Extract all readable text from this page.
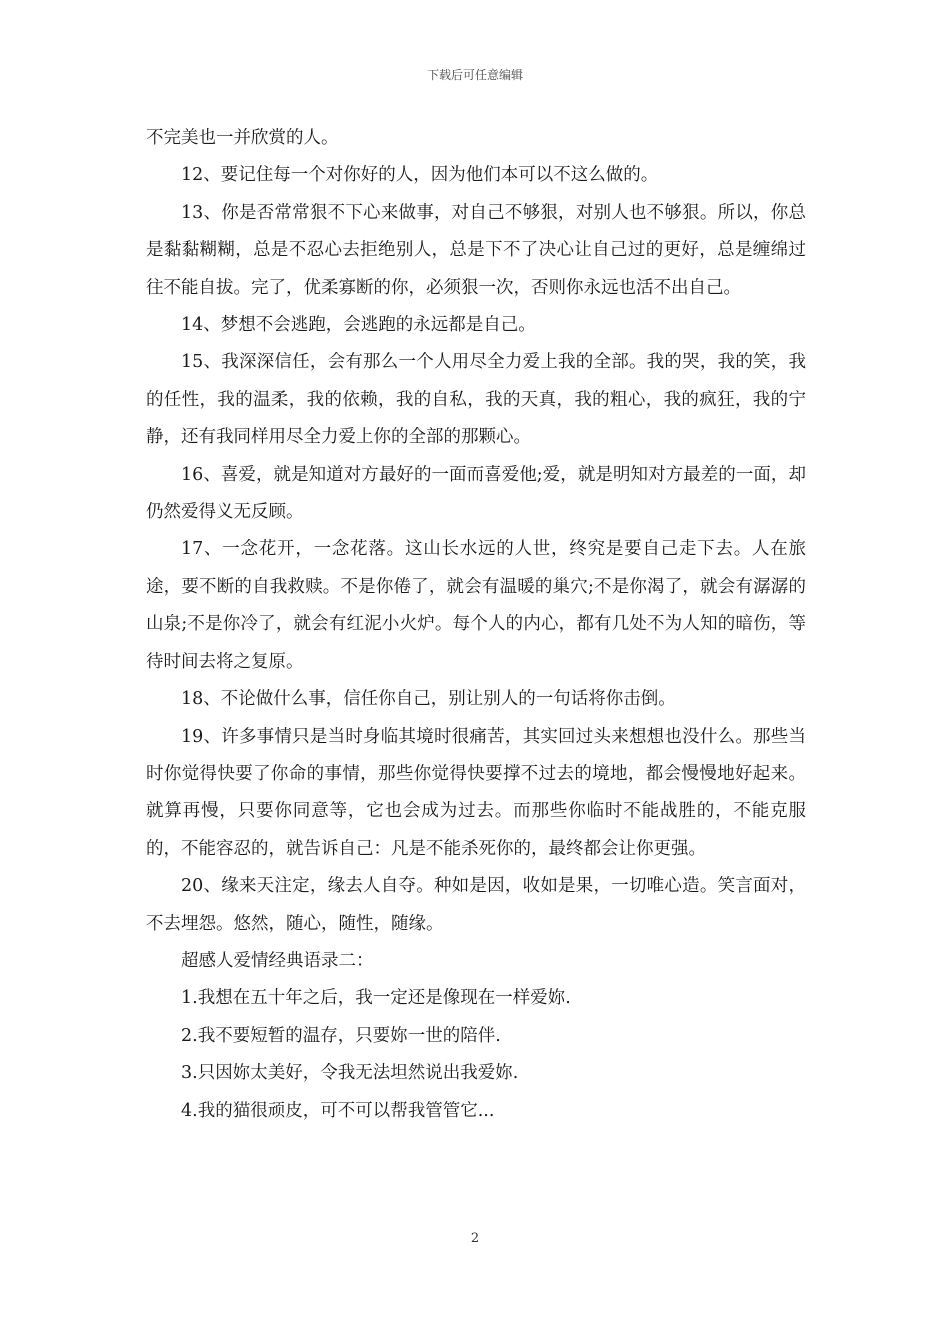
下载后可任意编辑

不完美也一并欣赏的人。

12、要记住每一个对你好的人，因为他们本可以不这么做的。

13、你是否常常狠不下心来做事，对自己不够狠，对别人也不够狠。所以，你总是黏黏糊糊，总是不忍心去拒绝别人，总是下不了决心让自己过的更好，总是缠绵过往不能自拔。完了，优柔寡断的你，必须狠一次，否则你永远也活不出自己。

14、梦想不会逃跑，会逃跑的永远都是自己。

15、我深深信任，会有那么一个人用尽全力爱上我的全部。我的哭，我的笑，我的任性，我的温柔，我的依赖，我的自私，我的天真，我的粗心，我的疯狂，我的宁静，还有我同样用尽全力爱上你的全部的那颗心。

16、喜爱，就是知道对方最好的一面而喜爱他;爱，就是明知对方最差的一面，却仍然爱得义无反顾。

17、一念花开，一念花落。这山长水远的人世，终究是要自己走下去。人在旅途，要不断的自我救赎。不是你倦了，就会有温暖的巢穴;不是你渴了，就会有潺潺的山泉;不是你冷了，就会有红泥小火炉。每个人的内心，都有几处不为人知的暗伤，等待时间去将之复原。

18、不论做什么事，信任你自己，别让别人的一句话将你击倒。

19、许多事情只是当时身临其境时很痛苦，其实回过头来想想也没什么。那些当时你觉得快要了你命的事情，那些你觉得快要撑不过去的境地，都会慢慢地好起来。就算再慢，只要你同意等，它也会成为过去。而那些你临时不能战胜的，不能克服的，不能容忍的，就告诉自己：凡是不能杀死你的，最终都会让你更强。

20、缘来天注定，缘去人自夺。种如是因，收如是果，一切唯心造。笑言面对，不去埋怨。悠然，随心，随性，随缘。

超感人爱情经典语录二：

1.我想在五十年之后，我一定还是像现在一样爱妳.

2.我不要短暂的温存，只要妳一世的陪伴.

3.只因妳太美好，令我无法坦然说出我爱妳.

4.我的猫很顽皮，可不可以帮我管管它...

2
